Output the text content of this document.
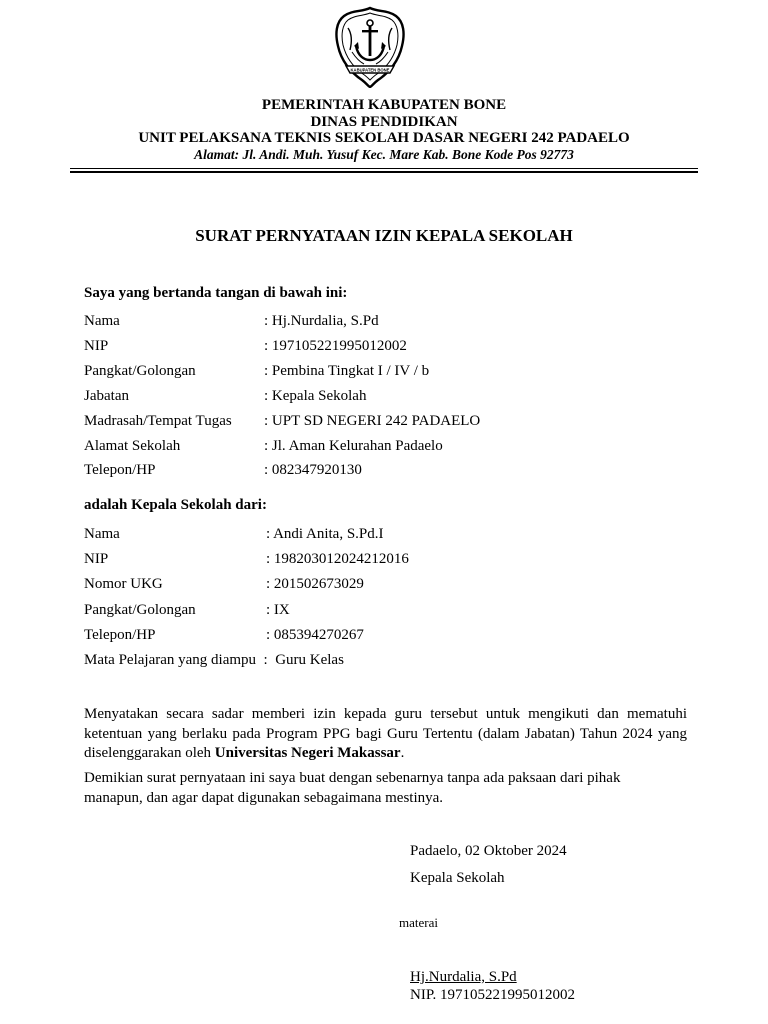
KABUPATEN BONE
PEMERINTAH KABUPATEN BONE
DINAS PENDIDIKAN
UNIT PELAKSANA TEKNIS SEKOLAH DASAR NEGERI 242 PADAELO
Alamat: Jl. Andi. Muh. Yusuf Kec. Mare Kab. Bone Kode Pos 92773
SURAT PERNYATAAN IZIN KEPALA SEKOLAH
Saya yang bertanda tangan di bawah ini:
Nama	: Hj.Nurdalia, S.Pd
NIP	: 197105221995012002
Pangkat/Golongan	: Pembina Tingkat I / IV / b
Jabatan	: Kepala Sekolah
Madrasah/Tempat Tugas : UPT SD NEGERI 242 PADAELO
Alamat Sekolah	: Jl. Aman Kelurahan Padaelo
Telepon/HP	: 082347920130
adalah Kepala Sekolah dari:
Nama	: Andi Anita, S.Pd.I
NIP	: 198203012024212016
Nomor UKG	: 201502673029
Pangkat/Golongan	: IX
Telepon/HP	: 085394270267
Mata Pelajaran yang diampu  :  Guru Kelas
Menyatakan secara sadar memberi izin kepada guru tersebut untuk mengikuti dan mematuhi ketentuan yang berlaku pada Program PPG bagi Guru Tertentu (dalam Jabatan) Tahun 2024 yang diselenggarakan oleh Universitas Negeri Makassar.
Demikian surat pernyataan ini saya buat dengan sebenarnya tanpa ada paksaan dari pihak manapun, dan agar dapat digunakan sebagaimana mestinya.
Padaelo, 02 Oktober 2024
Kepala Sekolah
materai
Hj.Nurdalia, S.Pd
NIP. 197105221995012002
